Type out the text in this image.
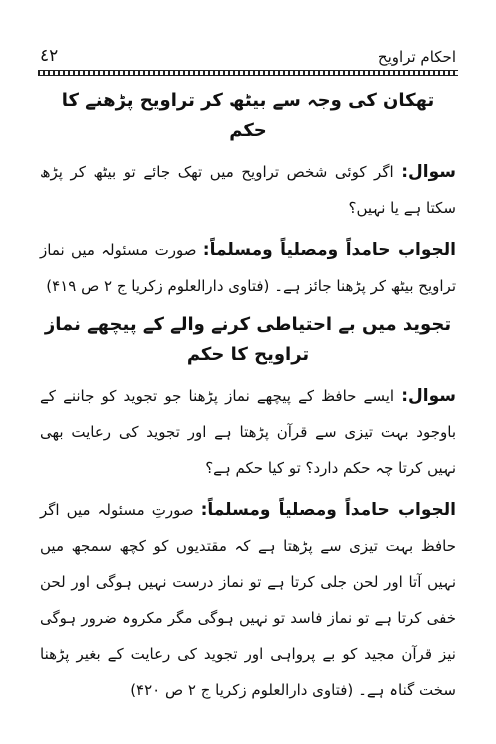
٤٢	احکام تراویح
تھکان کی وجہ سے بیٹھ کر تراویح پڑھنے کا حکم

سوال: اگر کوئی شخص تراویح میں تھک جائے تو بیٹھ کر پڑھ سکتا ہے یا نہیں؟

الجواب حامداً ومصلیاً ومسلماً: صورت مسئولہ میں نماز تراویح بیٹھ کر پڑھنا جائز ہے۔ (فتاوی دارالعلوم زکریا ج ۲ ص ۴۱۹)

تجوید میں بے احتیاطی کرنے والے کے پیچھے نماز تراویح کا حکم

سوال: ایسے حافظ کے پیچھے نماز پڑھنا جو تجوید کو جاننے کے باوجود بہت تیزی سے قرآن پڑھتا ہے اور تجوید کی رعایت بھی نہیں کرتا چہ حکم دارد؟ تو کیا حکم ہے؟

الجواب حامداً ومصلیاً ومسلماً: صورتِ مسئولہ میں اگر حافظ بہت تیزی سے پڑھتا ہے کہ مقتدیوں کو کچھ سمجھ میں نہیں آتا اور لحن جلی کرتا ہے تو نماز درست نہیں ہوگی اور لحن خفی کرتا ہے تو نماز فاسد تو نہیں ہوگی مگر مکروہ ضرور ہوگی نیز قرآن مجید کو بے پرواہی اور تجوید کی رعایت کے بغیر پڑھنا سخت گناہ ہے۔ (فتاوی دارالعلوم زکریا ج ۲ ص ۴۲۰)
